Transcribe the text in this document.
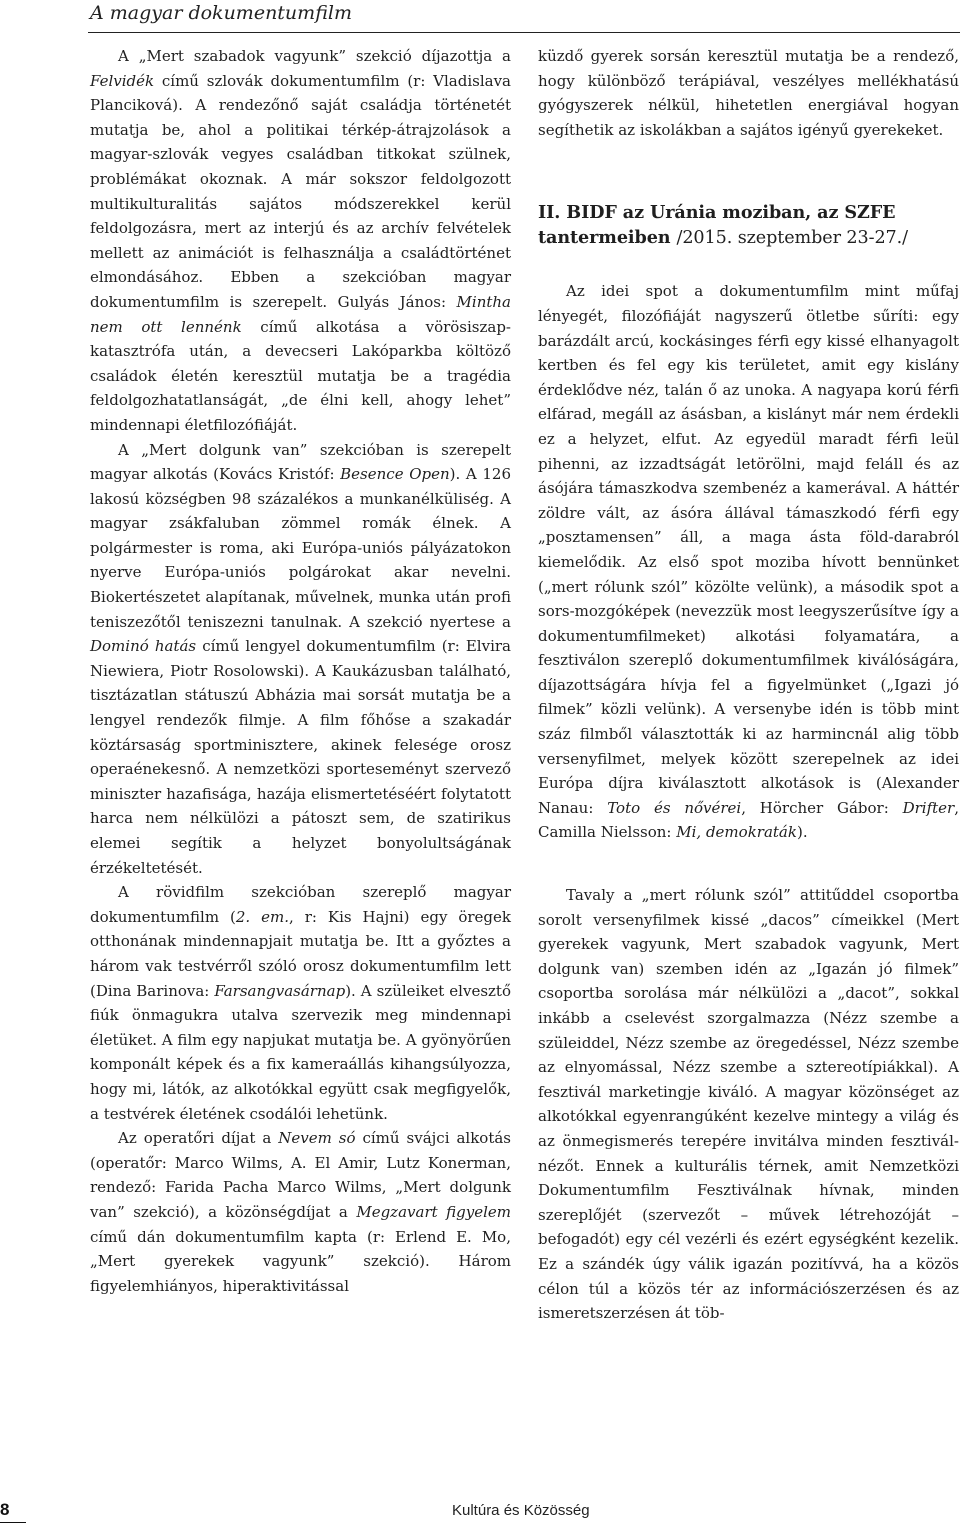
A magyar dokumentumfilm

A „Mert szabadok vagyunk” szekció díjazottja a Felvidék című szlovák dokumentumfilm (r: Vladislava Planciková). A rendezőnő saját családja történetét mutatja be, ahol a politikai térkép-átrajzolások a magyar-szlovák vegyes családban titkokat szülnek, problémákat okoznak. A már sokszor feldolgozott multikulturalitás sajátos módszerekkel kerül feldolgozásra, mert az interjú és az archív felvételek mellett az animációt is felhasználja a családtörténet elmondásához. Ebben a szekcióban magyar dokumentumfilm is szerepelt. Gulyás János: Mintha nem ott lennénk című alkotása a vörösiszap-katasztrófa után, a devecseri Lakóparkba költöző családok életén keresztül mutatja be a tragédia feldolgozhatatlanságát, „de élni kell, ahogy lehet” mindennapi életfilozófiáját.

A „Mert dolgunk van” szekcióban is szerepelt magyar alkotás (Kovács Kristóf: Besence Open). A 126 lakosú községben 98 százalékos a munkanélküliség. A magyar zsákfaluban zömmel romák élnek. A polgármester is roma, aki Európa-uniós pályázatokon nyerve Európa-uniós polgárokat akar nevelni. Biokertészetet alapítanak, művelnek, munka után profi teniszezőtől teniszezni tanulnak. A szekció nyertese a Dominó hatás című lengyel dokumentumfilm (r: Elvira Niewiera, Piotr Rosolowski). A Kaukázusban található, tisztázatlan státuszú Abházia mai sorsát mutatja be a lengyel rendezők filmje. A film főhőse a szakadár köztársaság sportminisztere, akinek felesége orosz operaénekesnő. A nemzetközi sporteseményt szervező miniszter hazafisága, hazája elismertetéséért folytatott harca nem nélkülözi a pátoszt sem, de szatirikus elemei segítik a helyzet bonyolultságának érzékeltetését.

A rövidfilm szekcióban szereplő magyar dokumentumfilm (2. em., r: Kis Hajni) egy öregek otthonának mindennapjait mutatja be. Itt a győztes a három vak testvérről szóló orosz dokumentumfilm lett (Dina Barinova: Farsangvasárnap). A szüleiket elvesztő fiúk önmagukra utalva szervezik meg mindennapi életüket. A film egy napjukat mutatja be. A gyönyörűen komponált képek és a fix kameraállás kihangsúlyozza, hogy mi, látók, az alkotókkal együtt csak megfigyelők, a testvérek életének csodálói lehetünk.

Az operatőri díjat a Nevem só című svájci alkotás (operatőr: Marco Wilms, A. El Amir, Lutz Konerman, rendező: Farida Pacha Marco Wilms, „Mert dolgunk van” szekció), a közönségdíjat a Megzavart figyelem című dán dokumentumfilm kapta (r: Erlend E. Mo, „Mert gyerekek vagyunk” szekció). Három figyelemhiányos, hiperaktivitással

küzdő gyerek sorsán keresztül mutatja be a rendező, hogy különböző terápiával, veszélyes mellékhatású gyógyszerek nélkül, hihetetlen energiával hogyan segíthetik az iskolákban a sajátos igényű gyerekeket.

II. BIDF az Uránia moziban, az SZFE tantermeiben /2015. szeptember 23-27./

Az idei spot a dokumentumfilm mint műfaj lényegét, filozófiáját nagyszerű ötletbe sűríti: egy barázdált arcú, kockásinges férfi egy kissé elhanyagolt kertben és fel egy kis területet, amit egy kislány érdeklődve néz, talán ő az unoka. A nagyapa korú férfi elfárad, megáll az ásásban, a kislányt már nem érdekli ez a helyzet, elfut. Az egyedül maradt férfi leül pihenni, az izzadtságát letörölni, majd feláll és az ásójára támaszkodva szembenéz a kamerával. A háttér zöldre vált, az ásóra állával támaszkodó férfi egy „posztamensen” áll, a maga ásta föld-darabról kiemelődik. Az első spot moziba hívott bennünket („mert rólunk szól” közölte velünk), a második spot a sors-mozgóképek (nevezzük most leegyszerűsítve így a dokumentumfilmeket) alkotási folyamatára, a fesztiválon szereplő dokumentumfilmek kiválóságára, díjazottságára hívja fel a figyelmünket („Igazi jó filmek” közli velünk). A versenybe idén is több mint száz filmből választották ki az harmincnál alig több versenyfilmet, melyek között szerepelnek az idei Európa díjra kiválasztott alkotások is (Alexander Nanau: Toto és nővérei, Hörcher Gábor: Drifter, Camilla Nielsson: Mi, demokraták).

Tavaly a „mert rólunk szól” attitűddel csoportba sorolt versenyfilmek kissé „dacos” címeikkel (Mert gyerekek vagyunk, Mert szabadok vagyunk, Mert dolgunk van) szemben idén az „Igazán jó filmek” csoportba sorolása már nélkülözi a „dacot”, sokkal inkább a cselevést szorgalmazza (Nézz szembe a szüleiddel, Nézz szembe az öregedéssel, Nézz szembe az elnyomással, Nézz szembe a sztereotípiákkal). A fesztivál marketingje kiváló. A magyar közönséget az alkotókkal egyenrangúként kezelve mintegy a világ és az önmegismerés terepére invitálva minden fesztivál-nézőt. Ennek a kulturális térnek, amit Nemzetközi Dokumentumfilm Fesztiválnak hívnak, minden szereplőjét (szervezőt – művek létrehozóját – befogadót) egy cél vezérli és ezért egységként kezelik. Ez a szándék úgy válik igazán pozitívvá, ha a közös célon túl a közös tér az információszerzésen és az ismeretszerzésen át töb-

8	Kultúra és Közösség
